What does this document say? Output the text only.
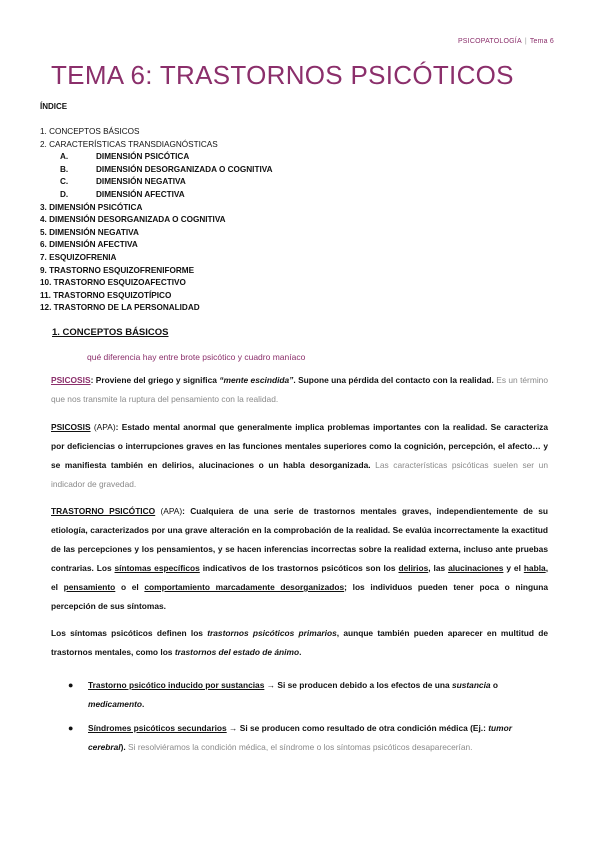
PSICOPATOLOGÍA | Tema 6
TEMA 6: TRASTORNOS PSICÓTICOS
ÍNDICE
1. CONCEPTOS BÁSICOS
2. CARACTERÍSTICAS TRANSDIAGNÓSTICAS
A.	DIMENSIÓN PSICÓTICA
B.	DIMENSIÓN DESORGANIZADA O COGNITIVA
C.	DIMENSIÓN NEGATIVA
D.	DIMENSIÓN AFECTIVA
3. DIMENSIÓN PSICÓTICA
4. DIMENSIÓN DESORGANIZADA O COGNITIVA
5. DIMENSIÓN NEGATIVA
6. DIMENSIÓN AFECTIVA
7. ESQUIZOFRENIA
9. TRASTORNO ESQUIZOFRENIFORME
10. TRASTORNO ESQUIZOAFECTIVO
11. TRASTORNO ESQUIZOTÍPICO
12. TRASTORNO DE LA PERSONALIDAD
1. CONCEPTOS BÁSICOS
qué diferencia hay entre brote psicótico y cuadro maníaco
PSICOSIS: Proviene del griego y significa “mente escindida”. Supone una pérdida del contacto con la realidad. Es un término que nos transmite la ruptura del pensamiento con la realidad.
PSICOSIS (APA): Estado mental anormal que generalmente implica problemas importantes con la realidad. Se caracteriza por deficiencias o interrupciones graves en las funciones mentales superiores como la cognición, percepción, el afecto… y se manifiesta también en delirios, alucinaciones o un habla desorganizada. Las características psicóticas suelen ser un indicador de gravedad.
TRASTORNO PSICÓTICO (APA): Cualquiera de una serie de trastornos mentales graves, independientemente de su etiología, caracterizados por una grave alteración en la comprobación de la realidad. Se evalúa incorrectamente la exactitud de las percepciones y los pensamientos, y se hacen inferencias incorrectas sobre la realidad externa, incluso ante pruebas contrarias. Los síntomas específicos indicativos de los trastornos psicóticos son los delirios, las alucinaciones y el habla, el pensamiento o el comportamiento marcadamente desorganizados; los individuos pueden tener poca o ninguna percepción de sus síntomas.
Los síntomas psicóticos definen los trastornos psicóticos primarios, aunque también pueden aparecer en multitud de trastornos mentales, como los trastornos del estado de ánimo.
● Trastorno psicótico inducido por sustancias → Si se producen debido a los efectos de una sustancia o medicamento.
● Síndromes psicóticos secundarios → Si se producen como resultado de otra condición médica (Ej.: tumor cerebral). Si resolviéramos la condición médica, el síndrome o los síntomas psicóticos desaparecerían.
